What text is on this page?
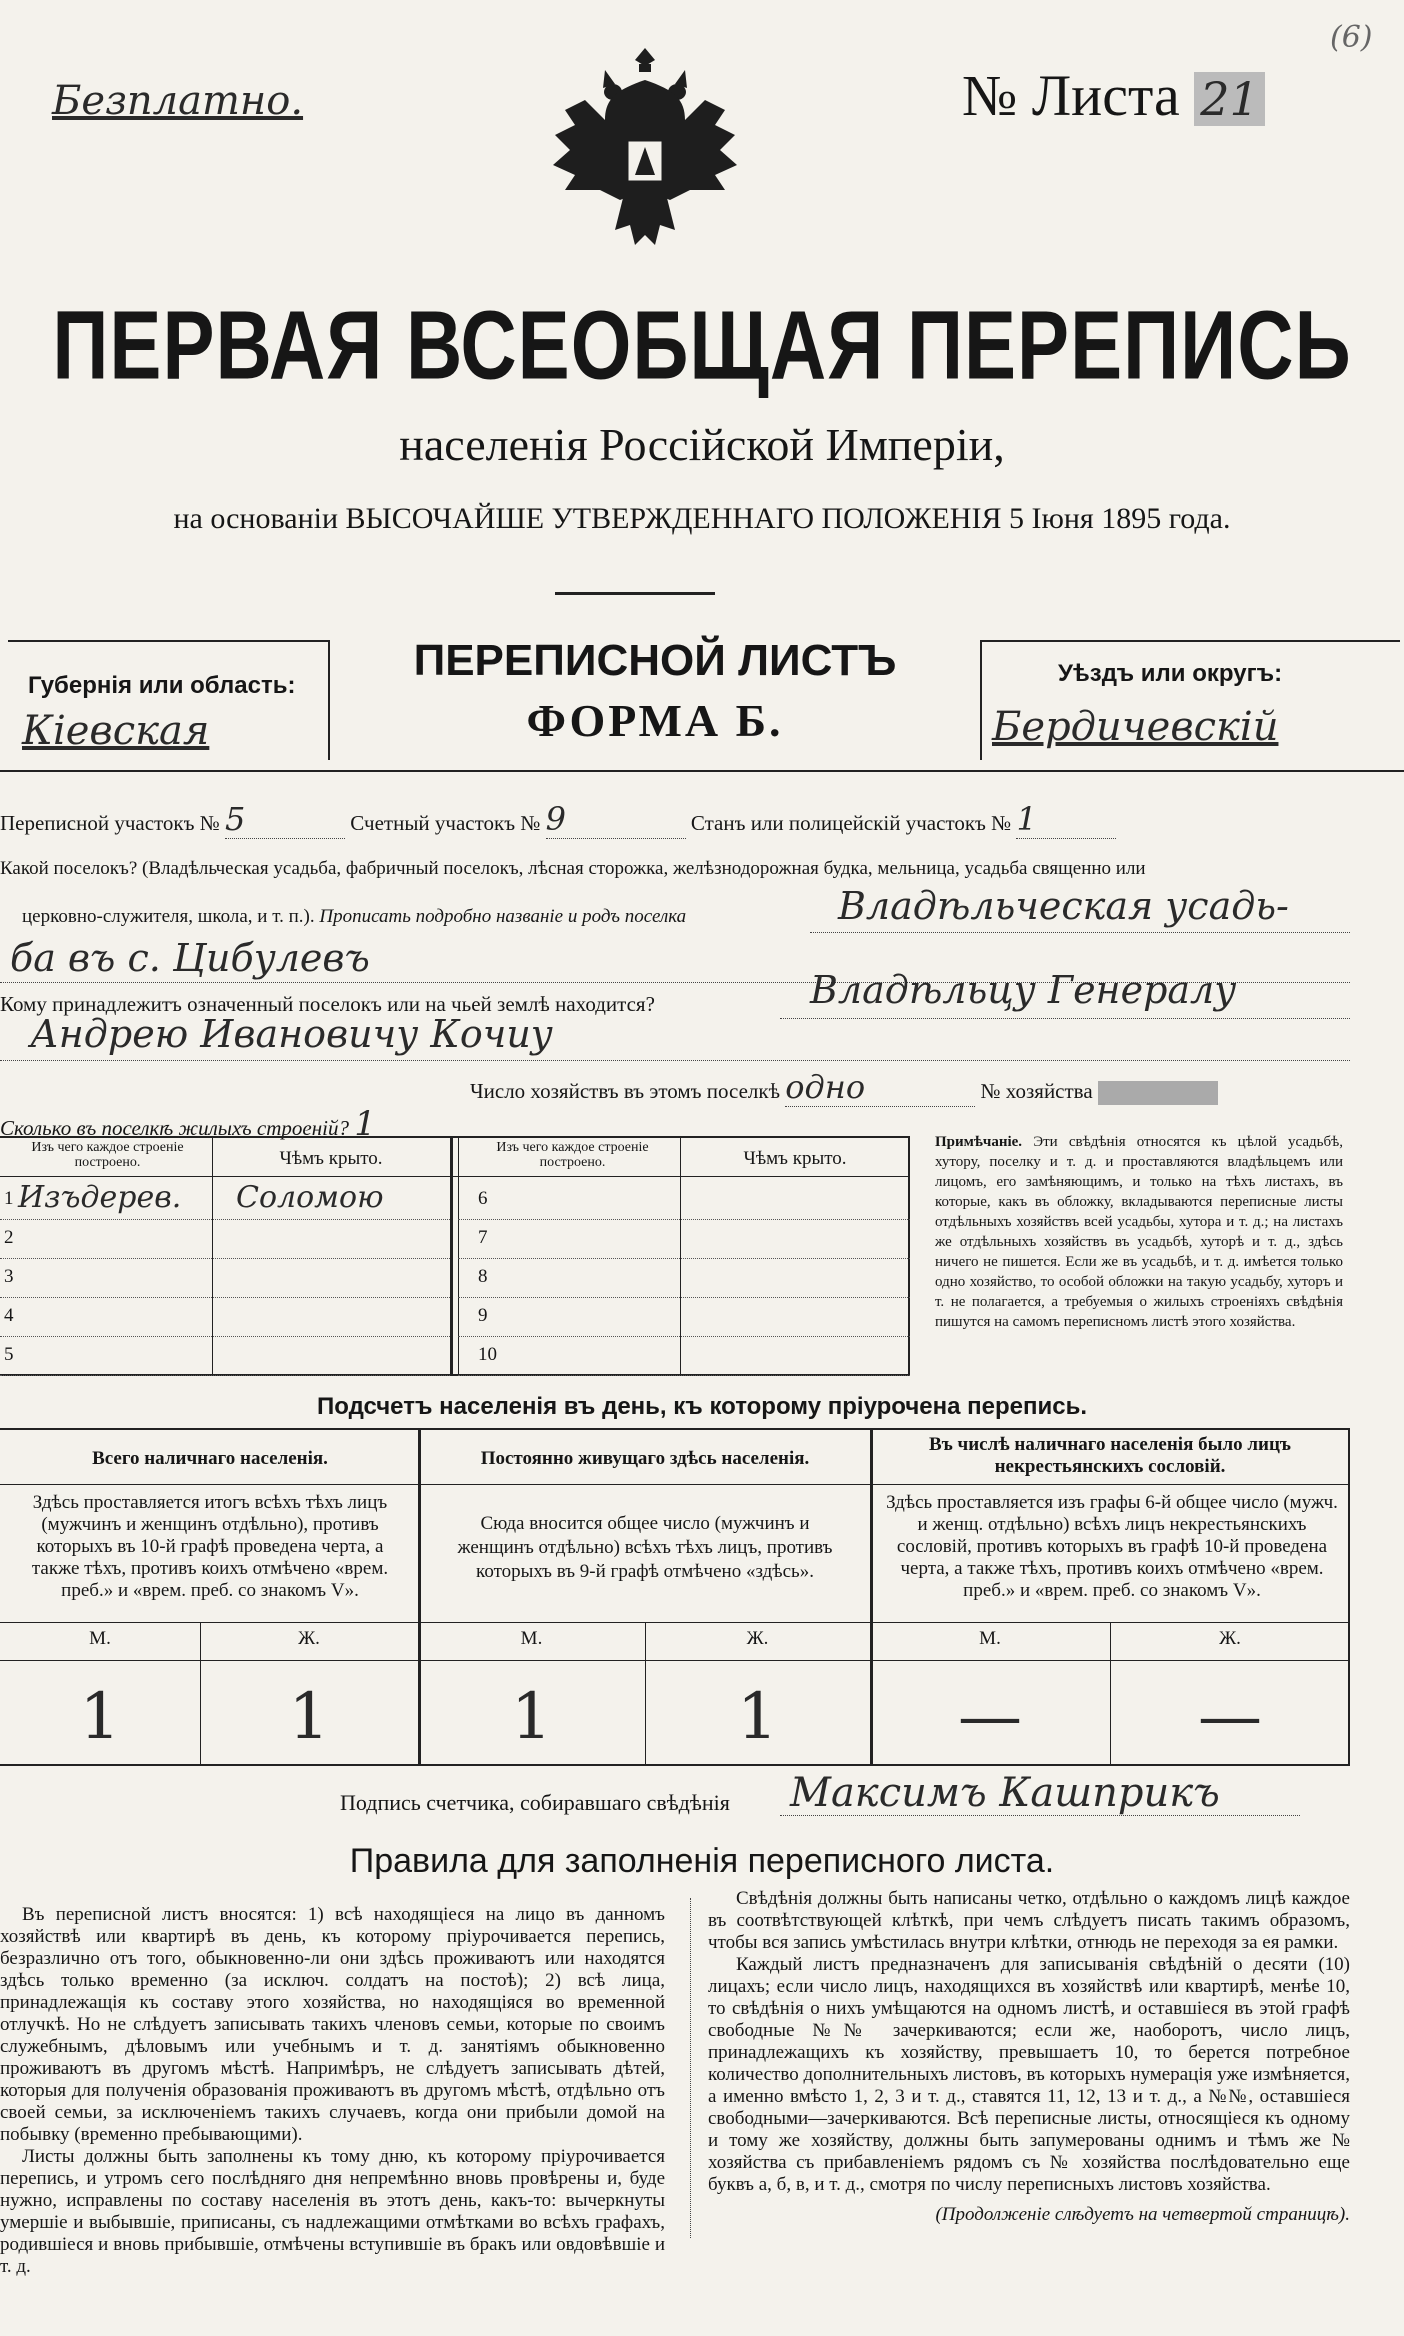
Безплатно.	№ Листа 21
(6)
ПЕРВАЯ ВСЕОБЩАЯ ПЕРЕПИСЬ
населенія Россійской Имперіи,
на основаніи ВЫСОЧАЙШЕ УТВЕРЖДЕННАГО ПОЛОЖЕНІЯ 5 Іюня 1895 года.
Губернія или область:
Кіевская
ПЕРЕПИСНОЙ ЛИСТЪ
ФОРМА Б.
Уѣздъ или округъ:
Бердичевскій
Переписной участокъ № 5	Счетный участокъ № 9	Станъ или полицейскій участокъ № 1
Какой поселокъ? (Владѣльческая усадьба, фабричный поселокъ, лѣсная сторожка, желѣзнодорожная будка, мельница, усадьба священно или
церковно-служителя, школа, и т. п.). Прописать подробно названіе и родъ поселка	Владѣльческая усадь-
ба въ с. Цибулевъ
Кому принадлежитъ означенный поселокъ или на чьей землѣ находится?	Владѣльцу Генералу
Андрею Ивановичу Кочиу
Число хозяйствъ въ этомъ поселкѣ одно	№ хозяйства
Сколько въ поселкѣ жилыхъ строеній? 1
Изъ чего каждое строеніе построено.	Чѣмъ крыто.
Изъ чего каждое строеніе построено.	Чѣмъ крыто.
1 Изъдерев. Соломою
2
3
4
5
6
7
8
9
10
Примѣчаніе. Эти свѣдѣнія относятся къ цѣлой усадьбѣ, хутору, поселку и т. д. и проставляются владѣльцемъ или лицомъ, его замѣняющимъ, и только на тѣхъ листахъ, въ которые, какъ въ обложку, вкладываются переписные листы отдѣльныхъ хозяйствъ всей усадьбы, хутора и т. д.; на листахъ же отдѣльныхъ хозяйствъ въ усадьбѣ, хуторѣ и т. д., здѣсь ничего не пишется. Если же въ усадьбѣ, и т. д. имѣется только одно хозяйство, то особой обложки на такую усадьбу, хуторъ и т. не полагается, а требуемыя о жилыхъ строеніяхъ свѣдѣнія пишутся на самомъ переписномъ листѣ этого хозяйства.
Подсчетъ населенія въ день, къ которому пріурочена перепись.
Всего наличнаго населенія.
Здѣсь проставляется итогъ всѣхъ тѣхъ лицъ (мужчинъ и женщинъ отдѣльно), противъ которыхъ въ 10-й графѣ проведена черта, а также тѣхъ, противъ коихъ отмѣчено «врем. преб.» и «врем. преб. со знакомъ V».
Постоянно живущаго здѣсь населенія.
Сюда вносится общее число (мужчинъ и женщинъ отдѣльно) всѣхъ тѣхъ лицъ, противъ которыхъ въ 9-й графѣ отмѣчено «здѣсь».
Въ числѣ наличнаго населенія было лицъ некрестьянскихъ сословій.
Здѣсь проставляется изъ графы 6-й общее число (мужч. и женщ. отдѣльно) всѣхъ лицъ некрестьянскихъ сословій, противъ которыхъ въ графѣ 10-й проведена черта, а также тѣхъ, противъ коихъ отмѣчено «врем. преб.» и «врем. преб. со знакомъ V».
М.	Ж.	М.	Ж.	М.	Ж.
1	1	1	1	—	—
Подпись счетчика, собиравшаго свѣдѣнія Максимъ Кашприкъ
Правила для заполненія переписного листа.
Въ переписной листъ вносятся: 1) всѣ находящіеся на лицо въ данномъ хозяйствѣ или квартирѣ въ день, къ которому пріурочивается перепись, безразлично отъ того, обыкновенно-ли они здѣсь проживаютъ или находятся здѣсь только временно (за исключ. солдатъ на постоѣ); 2) всѣ лица, принадлежащія къ составу этого хозяйства, но находящіяся во временной отлучкѣ. Но не слѣдуетъ записывать такихъ членовъ семьи, которые по своимъ служебнымъ, дѣловымъ или учебнымъ и т. д. занятіямъ обыкновенно проживаютъ въ другомъ мѣстѣ. Напримѣръ, не слѣдуетъ записывать дѣтей, которыя для полученія образованія проживаютъ въ другомъ мѣстѣ, отдѣльно отъ своей семьи, за исключеніемъ такихъ случаевъ, когда они прибыли домой на побывку (временно пребывающими).
Листы должны быть заполнены къ тому дню, къ которому пріурочивается перепись, и утромъ сего послѣдняго дня непремѣнно вновь провѣрены и, буде нужно, исправлены по составу населенія въ этотъ день, какъ-то: вычеркнуты умершіе и выбывшіе, приписаны, съ надлежащими отмѣтками во всѣхъ графахъ, родившіеся и вновь прибывшіе, отмѣчены вступившіе въ бракъ или овдовѣвшіе и т. д.
Свѣдѣнія должны быть написаны четко, отдѣльно о каждомъ лицѣ каждое въ соотвѣтствующей клѣткѣ, при чемъ слѣдуетъ писать такимъ образомъ, чтобы вся запись умѣстилась внутри клѣтки, отнюдь не переходя за ея рамки.
Каждый листъ предназначенъ для записыванія свѣдѣній о десяти (10) лицахъ; если число лицъ, находящихся въ хозяйствѣ или квартирѣ, менѣе 10, то свѣдѣнія о нихъ умѣщаются на одномъ листѣ, и оставшіеся въ этой графѣ свободные №№ зачеркиваются; если же, наоборотъ, число лицъ, принадлежащихъ къ хозяйству, превышаетъ 10, то берется потребное количество дополнительныхъ листовъ, въ которыхъ нумерація уже измѣняется, а именно вмѣсто 1, 2, 3 и т. д., ставятся 11, 12, 13 и т. д., а №№, оставшіеся свободными—зачеркиваются. Всѣ переписные листы, относящіеся къ одному и тому же хозяйству, должны быть запумерованы однимъ и тѣмъ же № хозяйства съ прибавленіемъ рядомъ съ № хозяйства послѣдовательно еще буквъ а, б, в, и т. д., смотря по числу переписныхъ листовъ хозяйства.
(Продолженіе слѣдуетъ на четвертой страницѣ).
